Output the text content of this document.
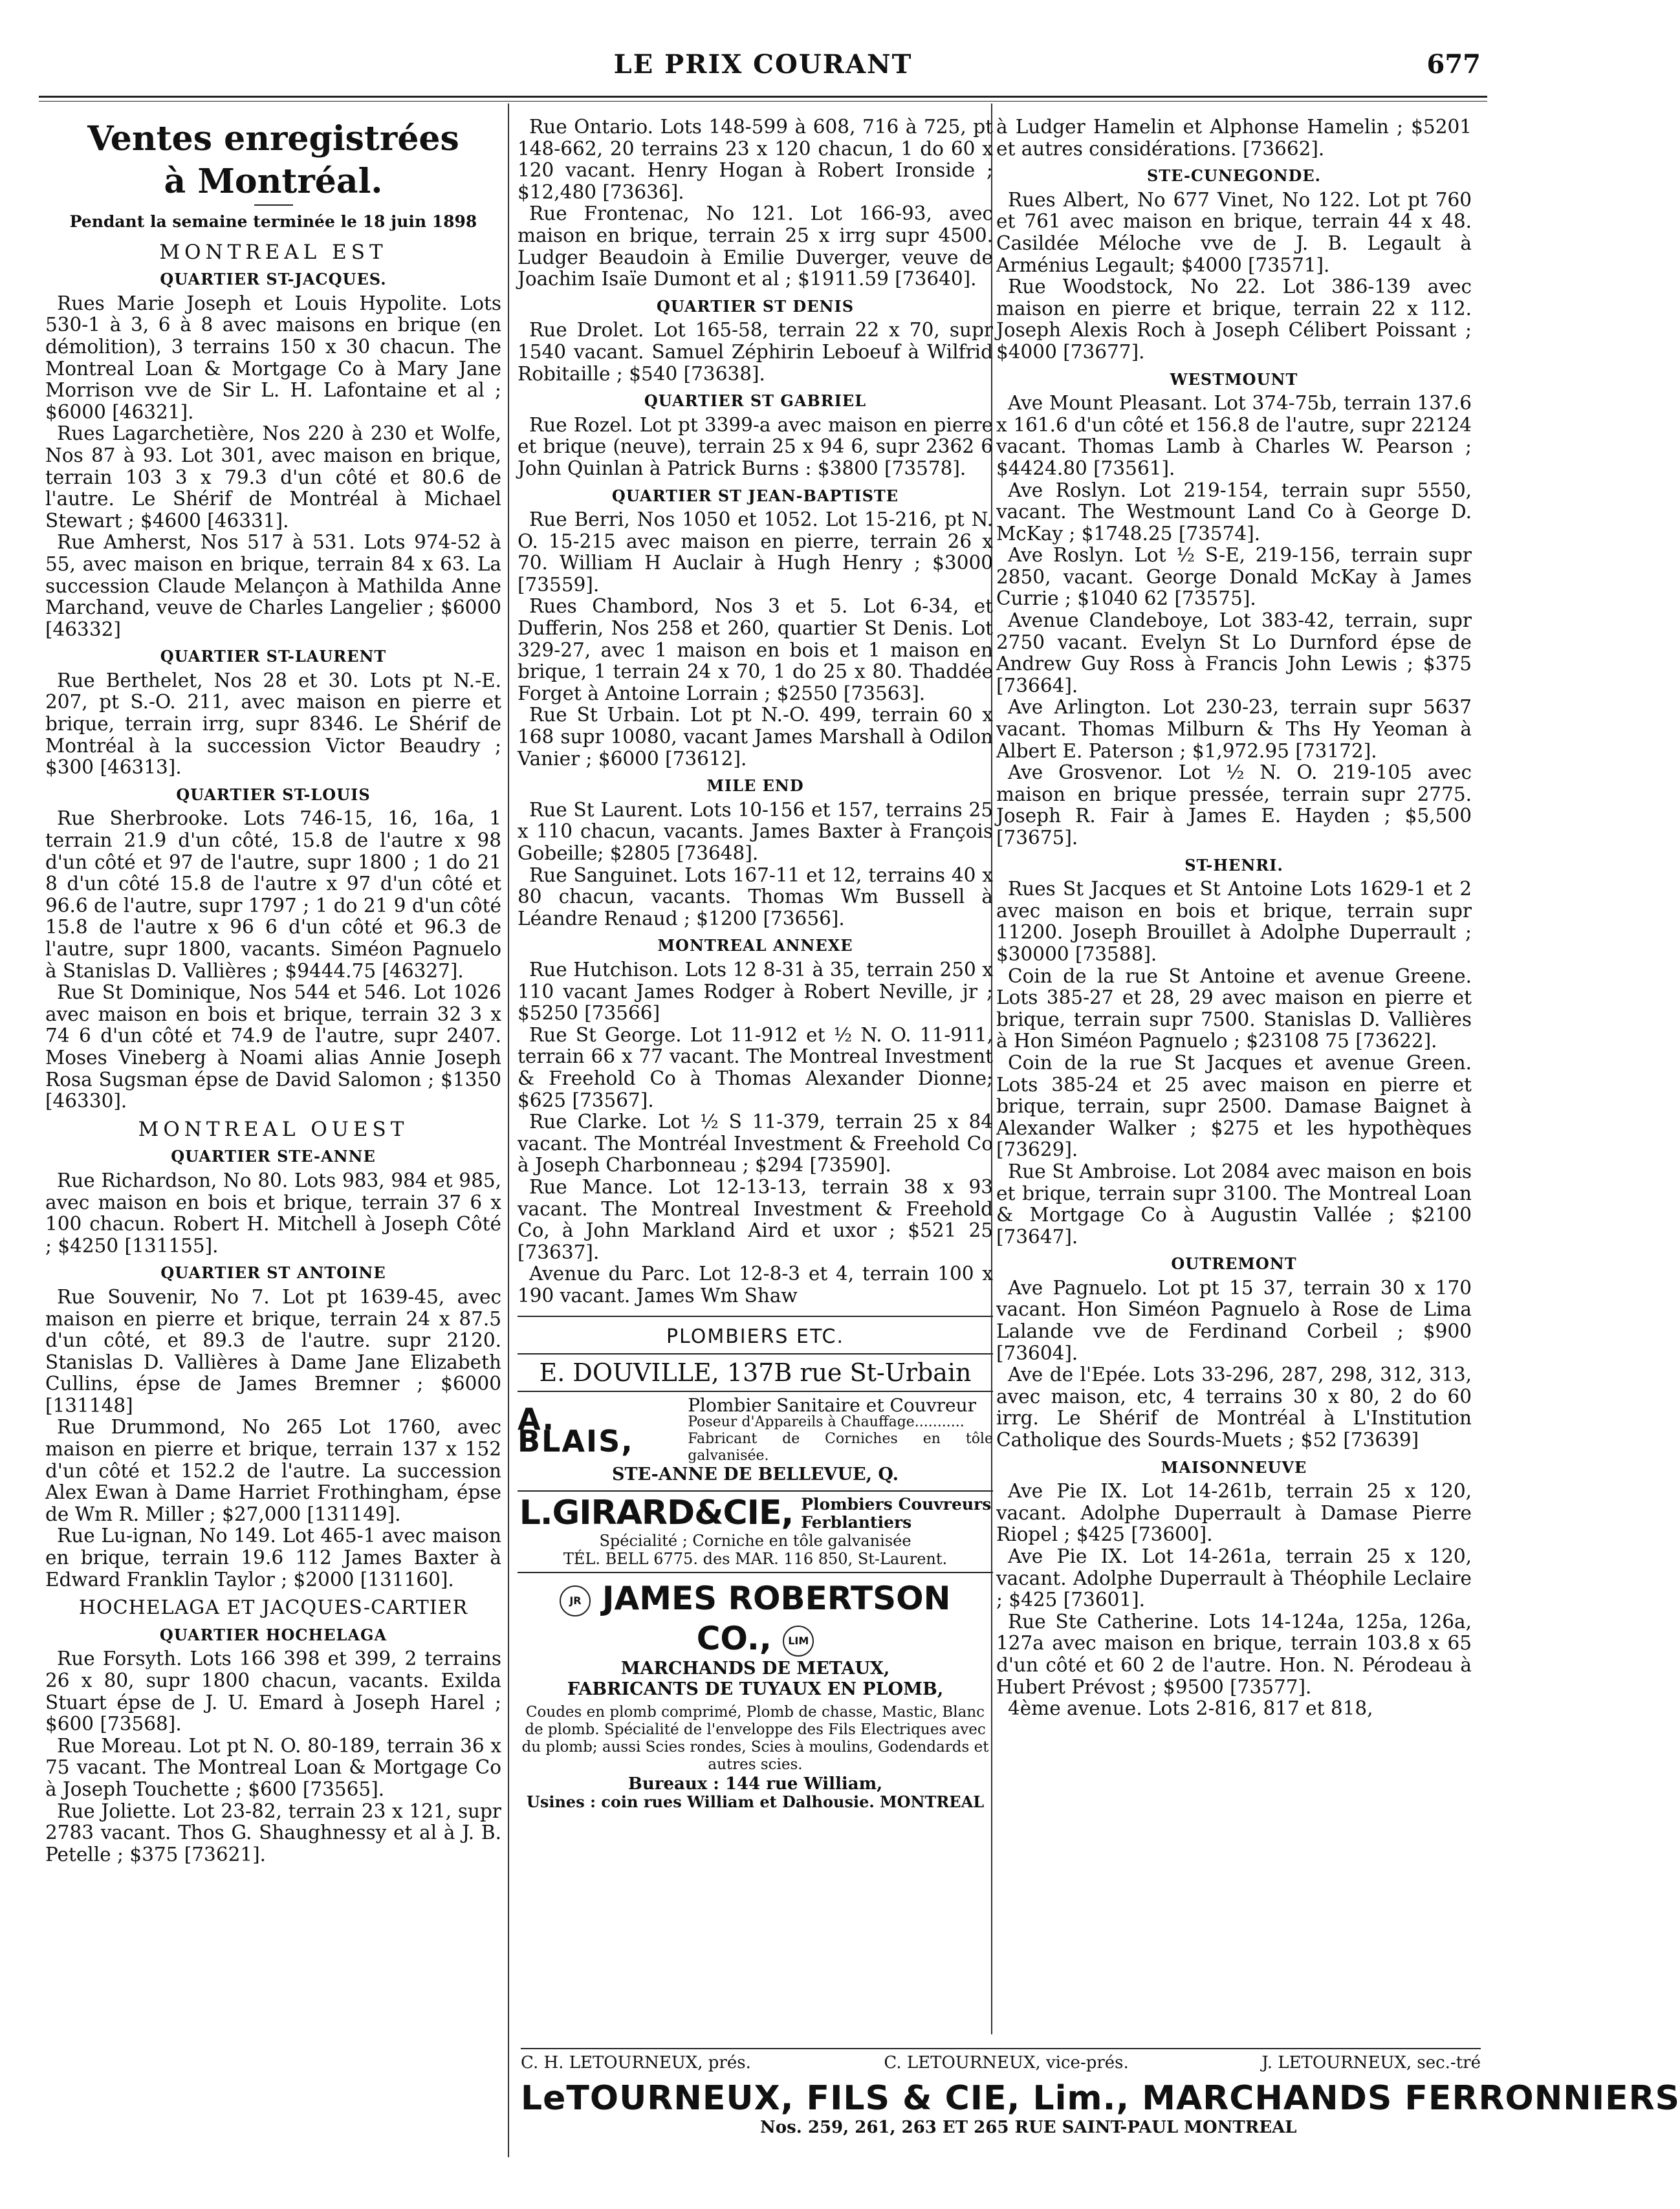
LE PRIX COURANT	677
Ventes enregistrées
à Montréal.
Pendant la semaine terminée le 18 juin 1898
MONTREAL EST
QUARTIER ST-JACQUES.

Rues Marie Joseph et Louis Hypolite. Lots 530-1 à 3, 6 à 8 avec maisons en brique (en démolition), 3 terrains 150 x 30 chacun. The Montreal Loan & Mortgage Co à Mary Jane Morrison vve de Sir L. H. Lafontaine et al ; $6000 [46321].

Rues Lagarchetière, Nos 220 à 230 et Wolfe, Nos 87 à 93. Lot 301, avec maison en brique, terrain 103 3 x 79.3 d'un côté et 80.6 de l'autre. Le Shérif de Montréal à Michael Stewart ; $4600 [46331].

Rue Amherst, Nos 517 à 531. Lots 974-52 à 55, avec maison en brique, terrain 84 x 63. La succession Claude Melançon à Mathilda Anne Marchand, veuve de Charles Langelier ; $6000 [46332]

QUARTIER ST-LAURENT

Rue Berthelet, Nos 28 et 30. Lots pt N.-E. 207, pt S.-O. 211, avec maison en pierre et brique, terrain irrg, supr 8346. Le Shérif de Montréal à la succession Victor Beaudry ; $300 [46313].

QUARTIER ST-LOUIS

Rue Sherbrooke. Lots 746-15, 16, 16a, 1 terrain 21.9 d'un côté, 15.8 de l'autre x 98 d'un côté et 97 de l'autre, supr 1800 ; 1 do 21 8 d'un côté 15.8 de l'autre x 97 d'un côté et 96.6 de l'autre, supr 1797 ; 1 do 21 9 d'un côté 15.8 de l'autre x 96 6 d'un côté et 96.3 de l'autre, supr 1800, vacants. Siméon Pagnuelo à Stanislas D. Vallières ; $9444.75 [46327].

Rue St Dominique, Nos 544 et 546. Lot 1026 avec maison en bois et brique, terrain 32 3 x 74 6 d'un côté et 74.9 de l'autre, supr 2407. Moses Vineberg à Noami alias Annie Joseph Rosa Sugsman épse de David Salomon ; $1350 [46330].

MONTREAL OUEST
QUARTIER STE-ANNE

Rue Richardson, No 80. Lots 983, 984 et 985, avec maison en bois et brique, terrain 37 6 x 100 chacun. Robert H. Mitchell à Joseph Côté ; $4250 [131155].

QUARTIER ST ANTOINE

Rue Souvenir, No 7. Lot pt 1639-45, avec maison en pierre et brique, terrain 24 x 87.5 d'un côté, et 89.3 de l'autre. supr 2120. Stanislas D. Vallières à Dame Jane Elizabeth Cullins, épse de James Bremner ; $6000 [131148]

Rue Drummond, No 265 Lot 1760, avec maison en pierre et brique, terrain 137 x 152 d'un côté et 152.2 de l'autre. La succession Alex Ewan à Dame Harriet Frothingham, épse de Wm R. Miller ; $27,000 [131149].

Rue Lu-ignan, No 149. Lot 465-1 avec maison en brique, terrain 19.6 112 James Baxter à Edward Franklin Taylor ; $2000 [131160].

HOCHELAGA ET JACQUES-CARTIER
QUARTIER HOCHELAGA

Rue Forsyth. Lots 166 398 et 399, 2 terrains 26 x 80, supr 1800 chacun, vacants. Exilda Stuart épse de J. U. Emard à Joseph Harel ; $600 [73568].

Rue Moreau. Lot pt N. O. 80-189, terrain 36 x 75 vacant. The Montreal Loan & Mortgage Co à Joseph Touchette ; $600 [73565].

Rue Joliette. Lot 23-82, terrain 23 x 121, supr 2783 vacant. Thos G. Shaughnessy et al à J. B. Petelle ; $375 [73621].

Rue Ontario. Lots 148-599 à 608, 716 à 725, pt 148-662, 20 terrains 23 x 120 chacun, 1 do 60 x 120 vacant. Henry Hogan à Robert Ironside ; $12,480 [73636].

Rue Frontenac, No 121. Lot 166-93, avec maison en brique, terrain 25 x irrg supr 4500. Ludger Beaudoin à Emilie Duverger, veuve de Joachim Isaïe Dumont et al ; $1911.59 [73640].

QUARTIER ST DENIS

Rue Drolet. Lot 165-58, terrain 22 x 70, supr 1540 vacant. Samuel Zéphirin Leboeuf à Wilfrid Robitaille ; $540 [73638].

QUARTIER ST GABRIEL

Rue Rozel. Lot pt 3399-a avec maison en pierre et brique (neuve), terrain 25 x 94 6, supr 2362 6 John Quinlan à Patrick Burns : $3800 [73578].

QUARTIER ST JEAN-BAPTISTE

Rue Berri, Nos 1050 et 1052. Lot 15-216, pt N. O. 15-215 avec maison en pierre, terrain 26 x 70. William H Auclair à Hugh Henry ; $3000 [73559].

Rues Chambord, Nos 3 et 5. Lot 6-34, et Dufferin, Nos 258 et 260, quartier St Denis. Lot 329-27, avec 1 maison en bois et 1 maison en brique, 1 terrain 24 x 70, 1 do 25 x 80. Thaddée Forget à Antoine Lorrain ; $2550 [73563].

Rue St Urbain. Lot pt N.-O. 499, terrain 60 x 168 supr 10080, vacant James Marshall à Odilon Vanier ; $6000 [73612].

MILE END

Rue St Laurent. Lots 10-156 et 157, terrains 25 x 110 chacun, vacants. James Baxter à François Gobeille; $2805 [73648].

Rue Sanguinet. Lots 167-11 et 12, terrains 40 x 80 chacun, vacants. Thomas Wm Bussell à Léandre Renaud ; $1200 [73656].

MONTREAL ANNEXE

Rue Hutchison. Lots 12 8-31 à 35, terrain 250 x 110 vacant James Rodger à Robert Neville, jr ; $5250 [73566]

Rue St George. Lot 11-912 et ½ N. O. 11-911, terrain 66 x 77 vacant. The Montreal Investment & Freehold Co à Thomas Alexander Dionne; $625 [73567].

Rue Clarke. Lot ½ S 11-379, terrain 25 x 84 vacant. The Montréal Investment & Freehold Co à Joseph Charbonneau ; $294 [73590].

Rue Mance. Lot 12-13-13, terrain 38 x 93 vacant. The Montreal Investment & Freehold Co, à John Markland Aird et uxor ; $521 25 [73637].

Avenue du Parc. Lot 12-8-3 et 4, terrain 100 x 190 vacant. James Wm Shaw

PLOMBIERS ETC.
E. DOUVILLE, 137B rue St-Urbain
A. BLAIS,
Plombier Sanitaire et Couvreur
Poseur d'Appareils à Chauffage...........
Fabricant de Corniches en tôle galvanisée.
STE-ANNE DE BELLEVUE, Q.
L.GIRARD&CIE, Plombiers Couvreurs
Ferblantiers
Spécialité ; Corniche en tôle galvanisée
TÉL. BELL 6775. des MAR. 116 850, St-Laurent.
JR JAMES ROBERTSON CO., LIM
MARCHANDS DE METAUX,
FABRICANTS DE TUYAUX EN PLOMB,
Coudes en plomb comprimé, Plomb de chasse, Mastic, Blanc de plomb. Spécialité de l'enveloppe des Fils Electriques avec du plomb; aussi Scies rondes, Scies à moulins, Godendards et autres scies.
Bureaux : 144 rue William,
Usines : coin rues William et Dalhousie. MONTREAL

à Ludger Hamelin et Alphonse Hamelin ; $5201 et autres considérations. [73662].

STE-CUNEGONDE.

Rues Albert, No 677 Vinet, No 122. Lot pt 760 et 761 avec maison en brique, terrain 44 x 48. Casildée Méloche vve de J. B. Legault à Arménius Legault; $4000 [73571].

Rue Woodstock, No 22. Lot 386-139 avec maison en pierre et brique, terrain 22 x 112. Joseph Alexis Roch à Joseph Célibert Poissant ; $4000 [73677].

WESTMOUNT

Ave Mount Pleasant. Lot 374-75b, terrain 137.6 x 161.6 d'un côté et 156.8 de l'autre, supr 22124 vacant. Thomas Lamb à Charles W. Pearson ; $4424.80 [73561].

Ave Roslyn. Lot 219-154, terrain supr 5550, vacant. The Westmount Land Co à George D. McKay ; $1748.25 [73574].

Ave Roslyn. Lot ½ S-E, 219-156, terrain supr 2850, vacant. George Donald McKay à James Currie ; $1040 62 [73575].

Avenue Clandeboye, Lot 383-42, terrain, supr 2750 vacant. Evelyn St Lo Durnford épse de Andrew Guy Ross à Francis John Lewis ; $375 [73664].

Ave Arlington. Lot 230-23, terrain supr 5637 vacant. Thomas Milburn & Ths Hy Yeoman à Albert E. Paterson ; $1,972.95 [73172].

Ave Grosvenor. Lot ½ N. O. 219-105 avec maison en brique pressée, terrain supr 2775. Joseph R. Fair à James E. Hayden ; $5,500 [73675].

ST-HENRI.

Rues St Jacques et St Antoine Lots 1629-1 et 2 avec maison en bois et brique, terrain supr 11200. Joseph Brouillet à Adolphe Duperrault ; $30000 [73588].

Coin de la rue St Antoine et avenue Greene. Lots 385-27 et 28, 29 avec maison en pierre et brique, terrain supr 7500. Stanislas D. Vallières à Hon Siméon Pagnuelo ; $23108 75 [73622].

Coin de la rue St Jacques et avenue Green. Lots 385-24 et 25 avec maison en pierre et brique, terrain, supr 2500. Damase Baignet à Alexander Walker ; $275 et les hypothèques [73629].

Rue St Ambroise. Lot 2084 avec maison en bois et brique, terrain supr 3100. The Montreal Loan & Mortgage Co à Augustin Vallée ; $2100 [73647].

OUTREMONT

Ave Pagnuelo. Lot pt 15 37, terrain 30 x 170 vacant. Hon Siméon Pagnuelo à Rose de Lima Lalande vve de Ferdinand Corbeil ; $900 [73604].

Ave de l'Epée. Lots 33-296, 287, 298, 312, 313, avec maison, etc, 4 terrains 30 x 80, 2 do 60 irrg. Le Shérif de Montréal à L'Institution Catholique des Sourds-Muets ; $52 [73639]

MAISONNEUVE

Ave Pie IX. Lot 14-261b, terrain 25 x 120, vacant. Adolphe Duperrault à Damase Pierre Riopel ; $425 [73600].

Ave Pie IX. Lot 14-261a, terrain 25 x 120, vacant. Adolphe Duperrault à Théophile Leclaire ; $425 [73601].

Rue Ste Catherine. Lots 14-124a, 125a, 126a, 127a avec maison en brique, terrain 103.8 x 65 d'un côté et 60 2 de l'autre. Hon. N. Pérodeau à Hubert Prévost ; $9500 [73577].

4ème avenue. Lots 2-816, 817 et 818,

C. H. LETOURNEUX, prés.	C. LETOURNEUX, vice-prés.	J. LETOURNEUX, sec.-tré
LeTOURNEUX, FILS & CIE, Lim., MARCHANDS FERRONNIERS
Nos. 259, 261, 263 ET 265 RUE SAINT-PAUL MONTREAL
